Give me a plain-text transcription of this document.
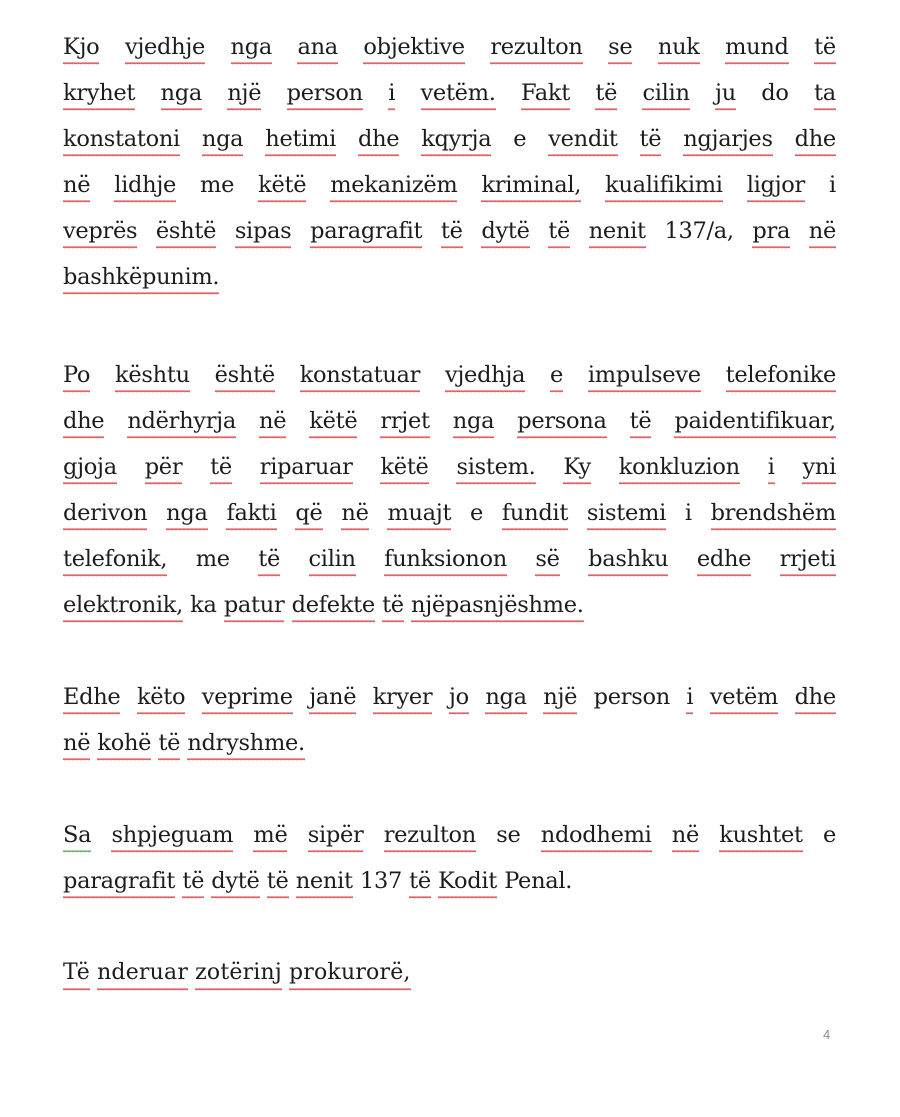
Kjo vjedhje nga ana objektive rezulton se nuk mund të
kryhet nga një person i vetëm. Fakt të cilin ju do ta
konstatoni nga hetimi dhe kqyrja e vendit të ngjarjes dhe
në lidhje me këtë mekanizëm kriminal, kualifikimi ligjor i
veprës është sipas paragrafit të dytë të nenit 137/a, pra në
bashkëpunim.
Po kështu është konstatuar vjedhja e impulseve telefonike
dhe ndërhyrja në këtë rrjet nga persona të paidentifikuar,
gjoja për të riparuar këtë sistem. Ky konkluzion i yni
derivon nga fakti që në muajt e fundit sistemi i brendshëm
telefonik, me të cilin funksionon së bashku edhe rrjeti
elektronik, ka patur defekte të njëpasnjëshme.
Edhe këto veprime janë kryer jo nga një person i vetëm dhe
në kohë të ndryshme.
Sa shpjeguam më sipër rezulton se ndodhemi në kushtet e
paragrafit të dytë të nenit 137 të Kodit Penal.
Të nderuar zotërinj prokurorë,
4
